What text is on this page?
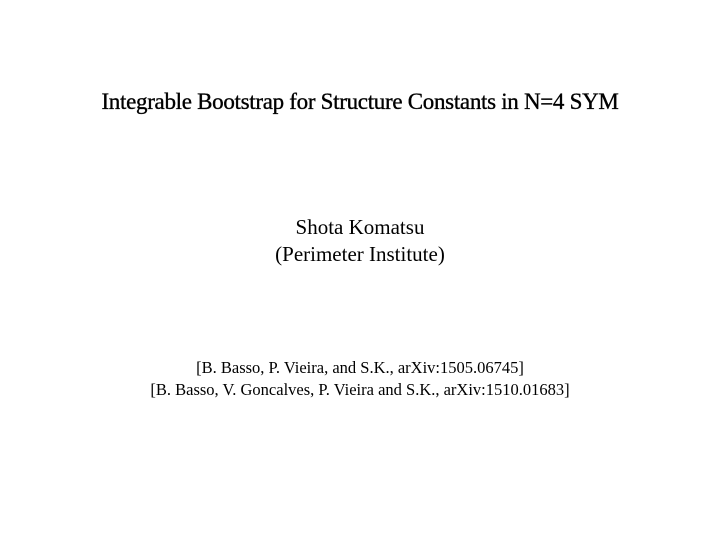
Integrable Bootstrap for Structure Constants in N=4 SYM
Shota Komatsu
(Perimeter Institute)
[B. Basso, P. Vieira, and S.K., arXiv:1505.06745]
[B. Basso, V. Goncalves, P. Vieira and S.K., arXiv:1510.01683]
